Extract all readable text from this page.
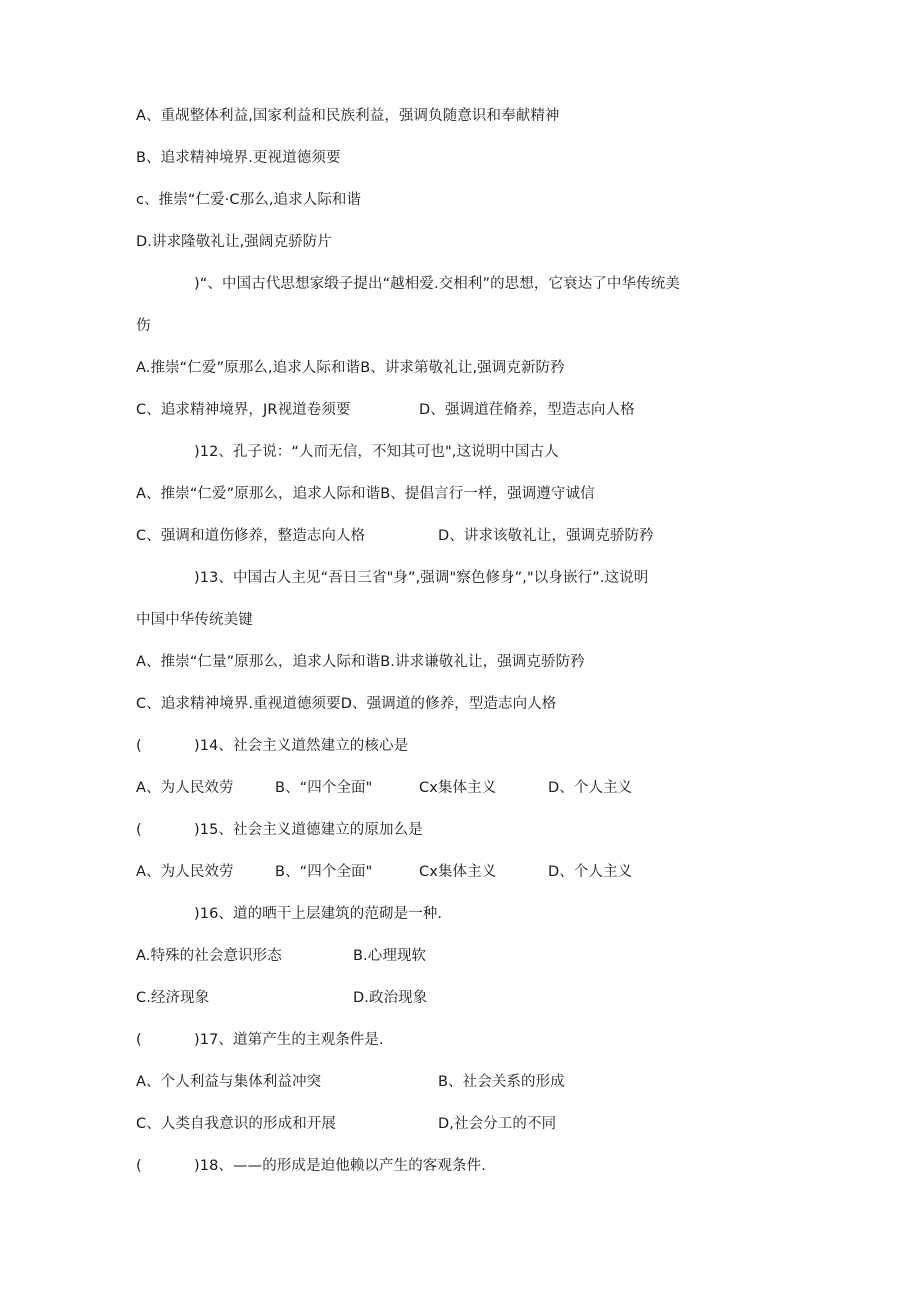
A、重觇整体利益,国家利益和民族利益，强调负随意识和奉献精神
B、追求精神境界.更视道德须要
c、推崇“仁爱·C那么,追求人际和谐
D.讲求隆敬礼让,强阔克骄防片
)“、中国古代思想家缎子提出“越相爱.交相利”的思想，它衰达了中华传统美
伤
A.推崇“仁爱”原那么,追求人际和谐B、讲求第敬礼让,强调克新防矜
C、追求精神境界，JR视道卷须要	D、强调道荏脩养，型造志向人格
)12、孔子说：“人而无信，不知其可也",这说明中国古人
A、推崇“仁爱”原那么，追求人际和谐B、提倡言行一样，强调遵守诚信
C、强调和道伤修养，整造志向人格	D、讲求该敬礼让，强调克骄防矜
)13、中国古人主见“吾日三省"身”,强调"察色修身”,"以身嵌行”.这说明
中国中华传统美键
A、推崇“仁量”原那么，追求人际和谐B.讲求谦敬礼让，强调克骄防矜
C、追求精神境界.重视道德须要D、强调道的修养，型造志向人格
(	)14、社会主义道然建立的核心是
A、为人民效劳	B、“四个全面"	Cx集体主义	D、个人主义
(	)15、社会主义道德建立的原加么是
A、为人民效劳	B、“四个全面"	Cx集体主义	D、个人主义
)16、道的晒干上层建筑的范砌是一种.
A.特殊的社会意识形态	B.心理现软
C.经济现象	D.政治现象
(	)17、道第产生的主观条件是.
A、个人利益与集体利益冲突	B、社会关系的形成
C、人类自我意识的形成和开展	D,社会分工的不同
(	)18、——的形成是迫他赖以产生的客观条件.
